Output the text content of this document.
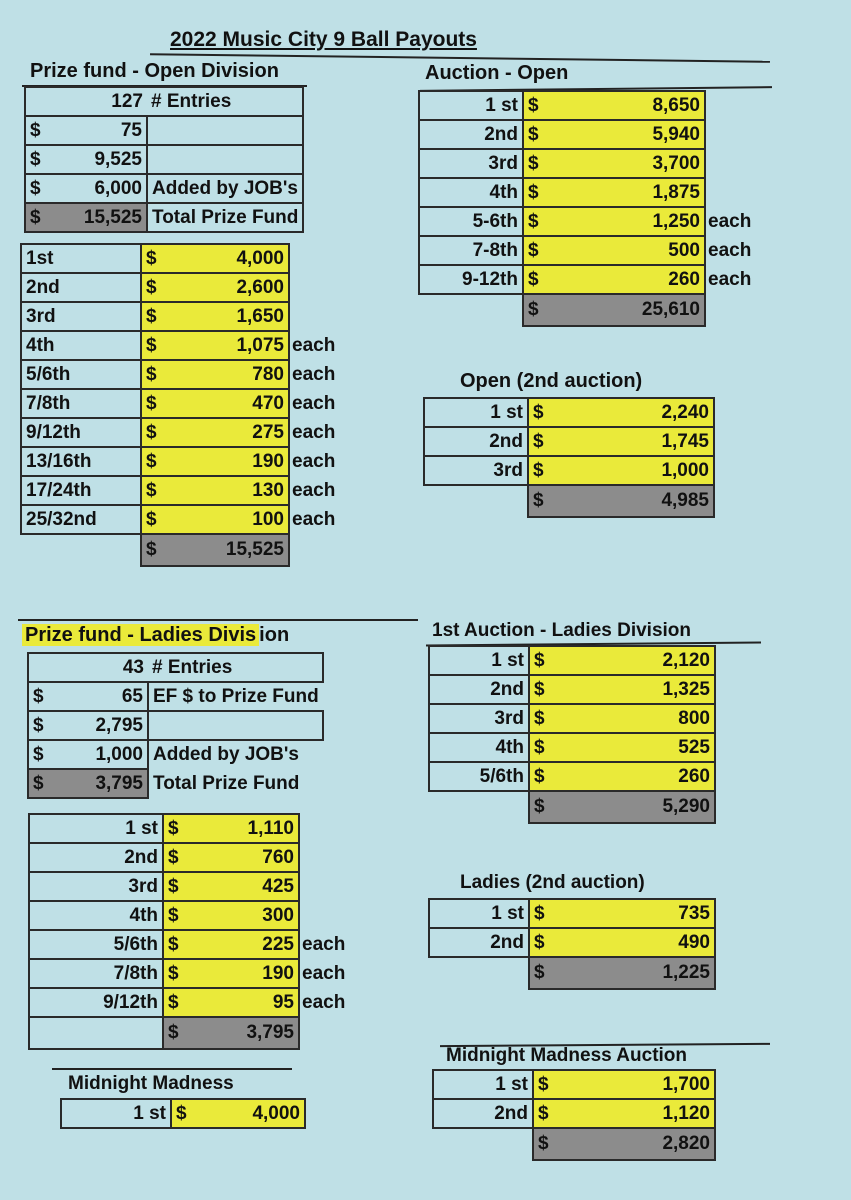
2022 Music City 9 Ball Payouts
Prize fund - Open Division
127	# Entries
$ 75	

$ 9,525	

$ 6,000	Added by JOB's
$ 15,525	Total Prize Fund
1st	$ 4,000	

2nd	$ 2,600	

3rd	$ 1,650	

4th	$ 1,075	each
5/6th	$ 780	each
7/8th	$ 470	each
9/12th	$ 275	each
13/16th	$ 190	each
17/24th	$ 130	each
25/32nd	$ 100	each
	$ 15,525	
Auction - Open
1 st	$ 8,650	

2nd	$ 5,940	

3rd	$ 3,700	

4th	$ 1,875	

5-6th	$ 1,250	each
7-8th	$ 500	each
9-12th	$ 260	each
	$ 25,610	
Open (2nd auction)
1 st	$ 2,240

2nd	$ 1,745

3rd	$ 1,000

	$ 4,985
Prize fund - Ladies Divis ion
43	# Entries
$ 65	EF $ to Prize Fund
$ 2,795	

$ 1,000	Added by JOB's
$ 3,795	Total Prize Fund
1 st	$ 1,110	

2nd	$ 760	

3rd	$ 425	

4th	$ 300	

5/6th	$ 225	each
7/8th	$ 190	each
9/12th	$ 95	each
	$ 3,795	
1st Auction - Ladies Division
1 st	$ 2,120

2nd	$ 1,325

3rd	$ 800

4th	$ 525

5/6th	$ 260

	$ 5,290
Ladies (2nd auction)
1 st	$ 735

2nd	$ 490

	$ 1,225
Midnight Madness
1 st	$	4,000
Midnight Madness Auction
1 st	$ 1,700

2nd	$ 1,120

	$ 2,820
